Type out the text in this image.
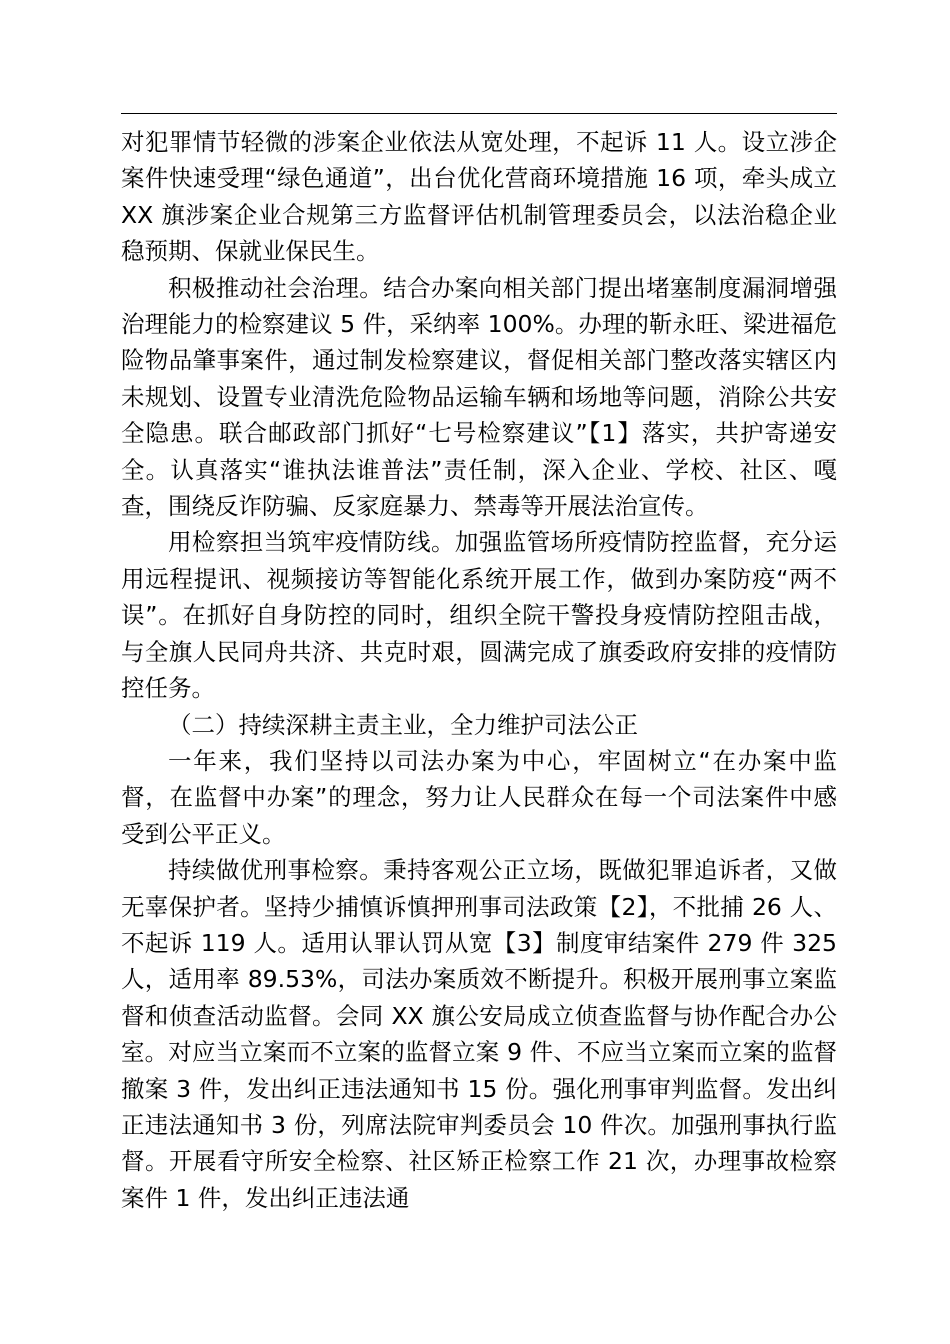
对犯罪情节轻微的涉案企业依法从宽处理，不起诉 11 人。设立涉企案件快速受理“绿色通道”，出台优化营商环境措施 16 项，牵头成立 XX 旗涉案企业合规第三方监督评估机制管理委员会，以法治稳企业稳预期、保就业保民生。

积极推动社会治理。结合办案向相关部门提出堵塞制度漏洞增强治理能力的检察建议 5 件，采纳率 100%。办理的靳永旺、梁进福危险物品肇事案件，通过制发检察建议，督促相关部门整改落实辖区内未规划、设置专业清洗危险物品运输车辆和场地等问题，消除公共安全隐患。联合邮政部门抓好“七号检察建议”【1】落实，共护寄递安全。认真落实“谁执法谁普法”责任制，深入企业、学校、社区、嘎查，围绕反诈防骗、反家庭暴力、禁毒等开展法治宣传。

用检察担当筑牢疫情防线。加强监管场所疫情防控监督，充分运用远程提讯、视频接访等智能化系统开展工作，做到办案防疫“两不误”。在抓好自身防控的同时，组织全院干警投身疫情防控阻击战，与全旗人民同舟共济、共克时艰，圆满完成了旗委政府安排的疫情防控任务。

（二）持续深耕主责主业，全力维护司法公正

一年来，我们坚持以司法办案为中心，牢固树立“在办案中监督，在监督中办案”的理念，努力让人民群众在每一个司法案件中感受到公平正义。

持续做优刑事检察。秉持客观公正立场，既做犯罪追诉者，又做无辜保护者。坚持少捕慎诉慎押刑事司法政策【2】，不批捕 26 人、不起诉 119 人。适用认罪认罚从宽【3】制度审结案件 279 件 325 人，适用率 89.53%，司法办案质效不断提升。积极开展刑事立案监督和侦查活动监督。会同 XX 旗公安局成立侦查监督与协作配合办公室。对应当立案而不立案的监督立案 9 件、不应当立案而立案的监督撤案 3 件，发出纠正违法通知书 15 份。强化刑事审判监督。发出纠正违法通知书 3 份，列席法院审判委员会 10 件次。加强刑事执行监督。开展看守所安全检察、社区矫正检察工作 21 次，办理事故检察案件 1 件，发出纠正违法通
